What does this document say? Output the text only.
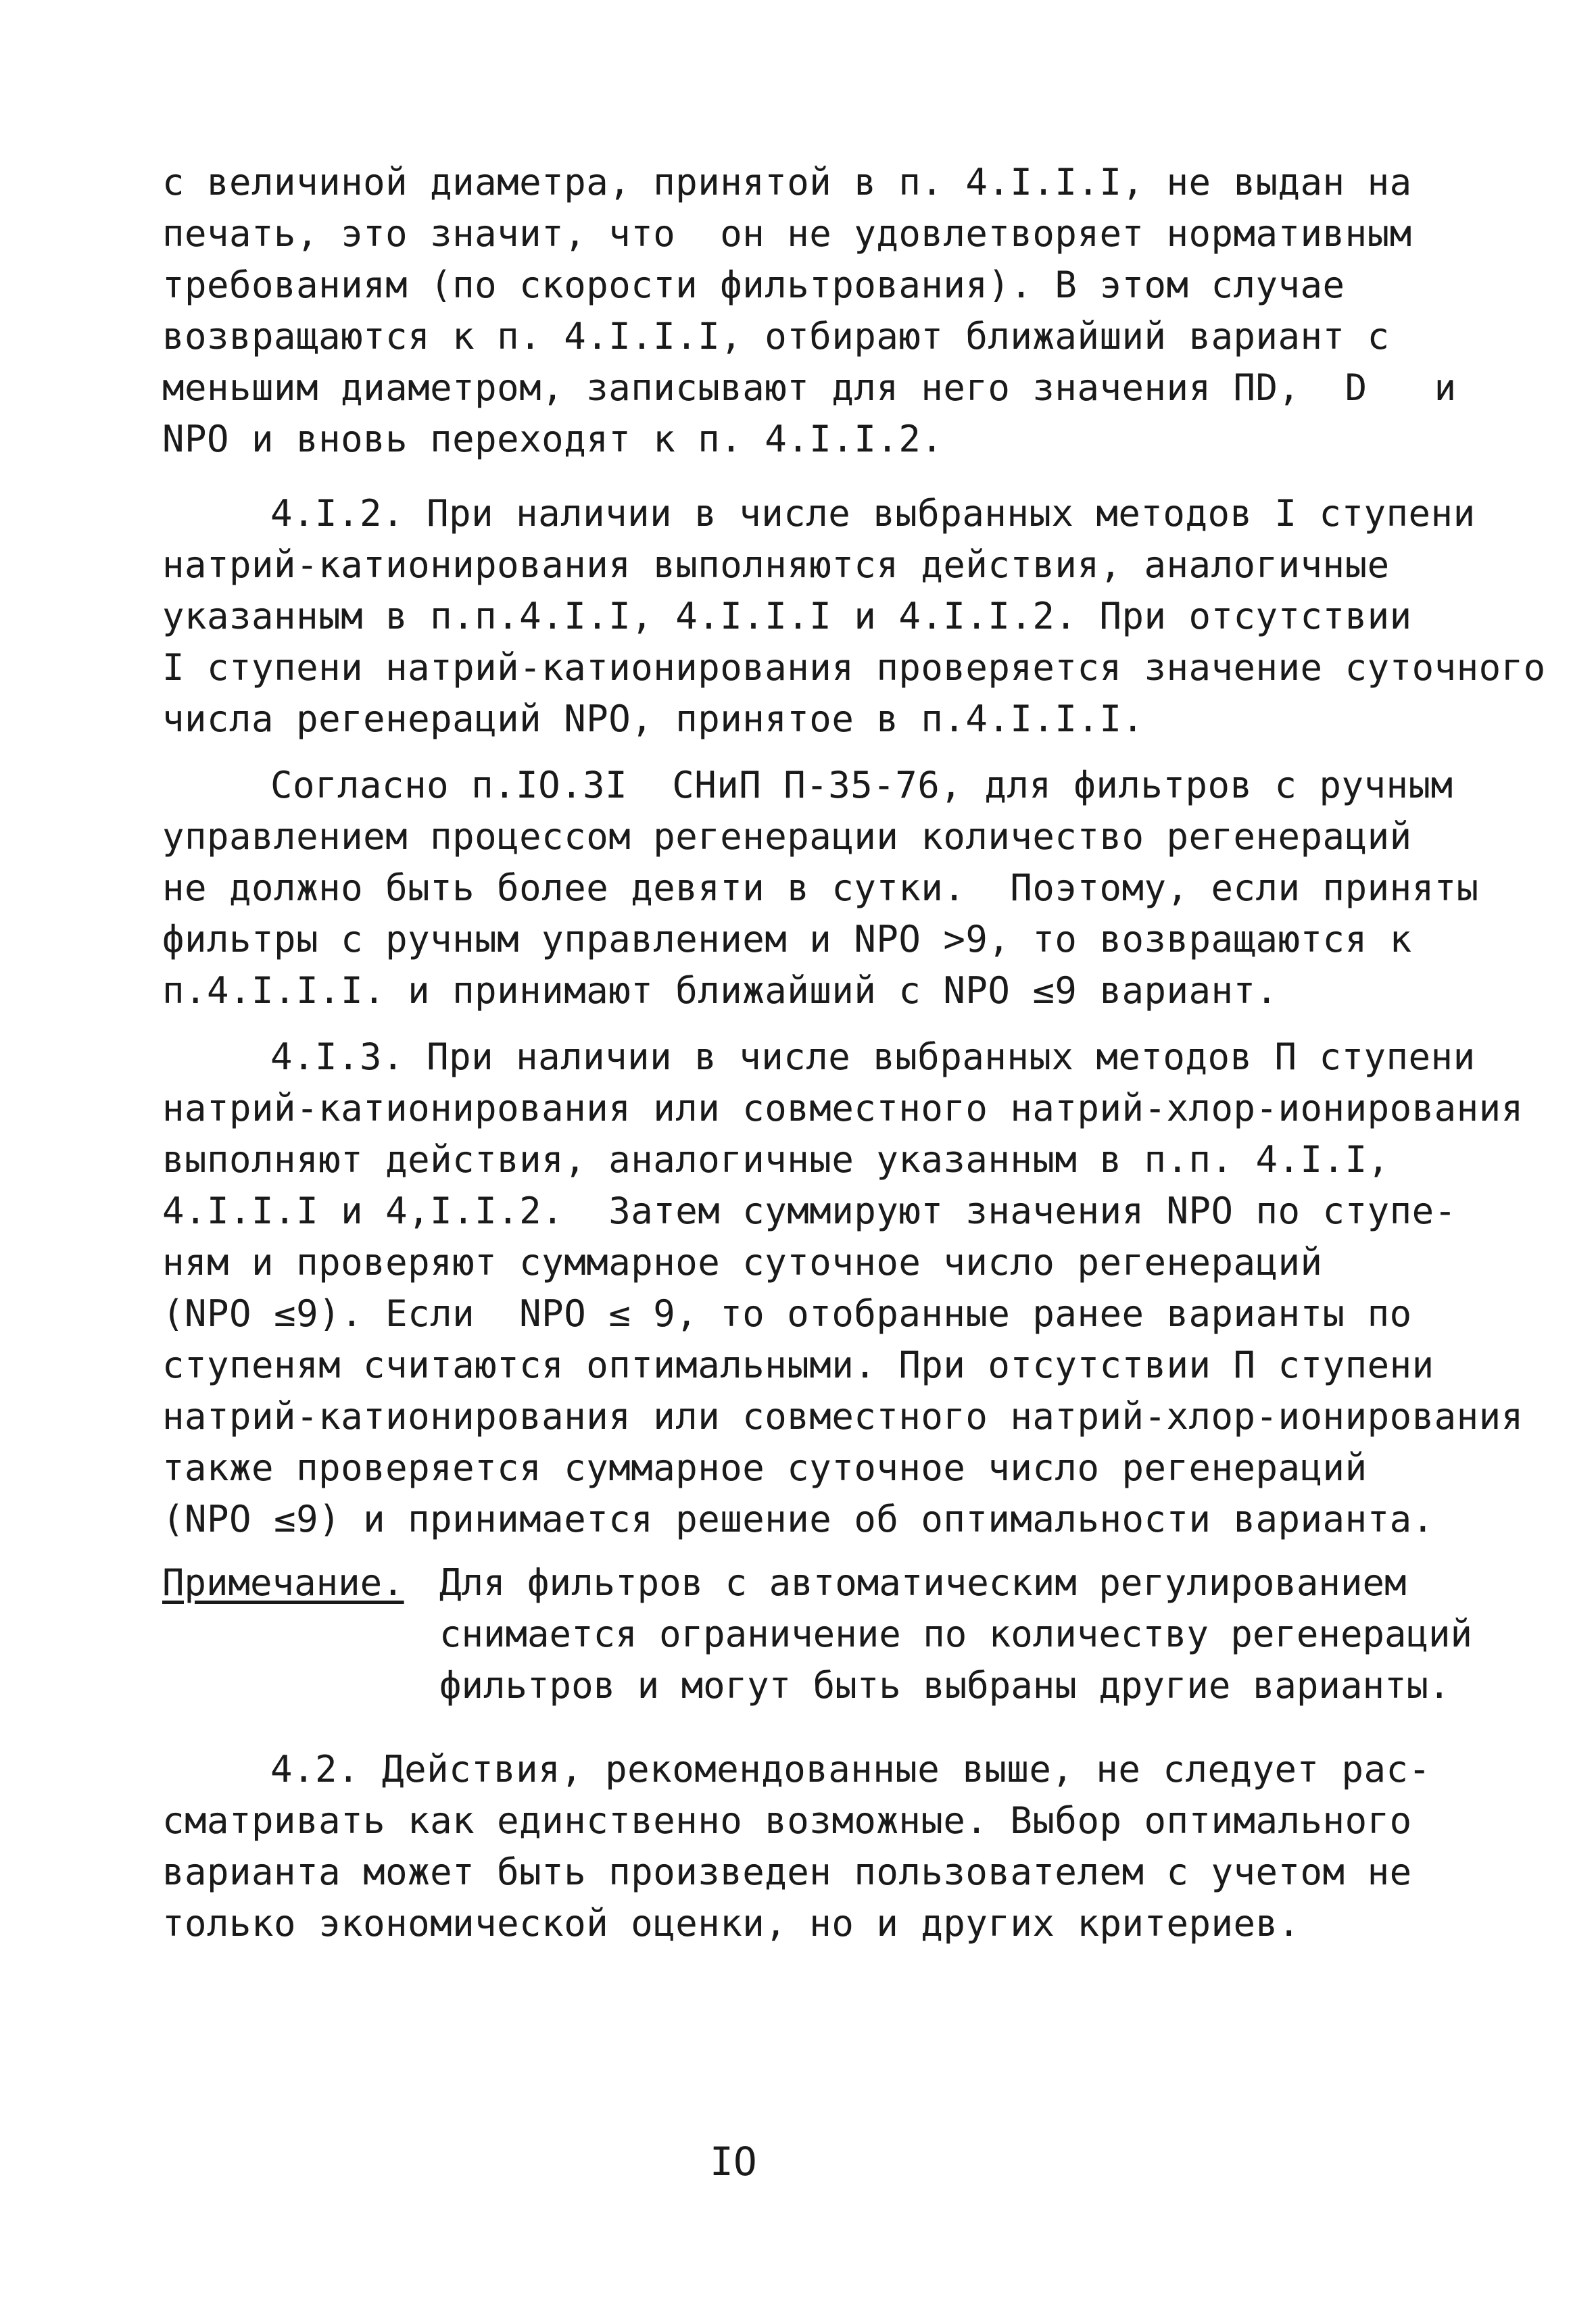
с величиной диаметра, принятой в п. 4.I.I.I, не выдан на
печать, это значит, что  он не удовлетворяет нормативным
требованиям (по скорости фильтрования). В этом случае
возвращаются к п. 4.I.I.I, отбирают ближайший вариант с
меньшим диаметром, записывают для него значения ПD,  D   и
NPO и вновь переходят к п. 4.I.I.2.
4.I.2. При наличии в числе выбранных методов I ступени
натрий-катионирования выполняются действия, аналогичные
указанным в п.п.4.I.I, 4.I.I.I и 4.I.I.2. При отсутствии
I ступени натрий-катионирования проверяется значение суточного
числа регенераций NPO, принятое в п.4.I.I.I.
Согласно п.IO.3I  СНиП П-35-76, для фильтров с ручным
управлением процессом регенерации количество регенераций
не должно быть более девяти в сутки.  Поэтому, если приняты
фильтры с ручным управлением и NPO >9, то возвращаются к
п.4.I.I.I. и принимают ближайший с NPO ≤9 вариант.
4.I.3. При наличии в числе выбранных методов П ступени
натрий-катионирования или совместного натрий-хлор-ионирования
выполняют действия, аналогичные указанным в п.п. 4.I.I,
4.I.I.I и 4,I.I.2.  Затем суммируют значения NPO по ступе-
ням и проверяют суммарное суточное число регенераций
(NPO ≤9). Если  NPO ≤ 9, то отобранные ранее варианты по
ступеням считаются оптимальными. При отсутствии П ступени
натрий-катионирования или совместного натрий-хлор-ионирования
также проверяется суммарное суточное число регенераций
(NPO ≤9) и принимается решение об оптимальности варианта.
Примечание. Для фильтров с автоматическим регулированием
снимается ограничение по количеству регенераций
фильтров и могут быть выбраны другие варианты.
4.2. Действия, рекомендованные выше, не следует рас-
сматривать как единственно возможные. Выбор оптимального
варианта может быть произведен пользователем с учетом не
только экономической оценки, но и других критериев.
IO
